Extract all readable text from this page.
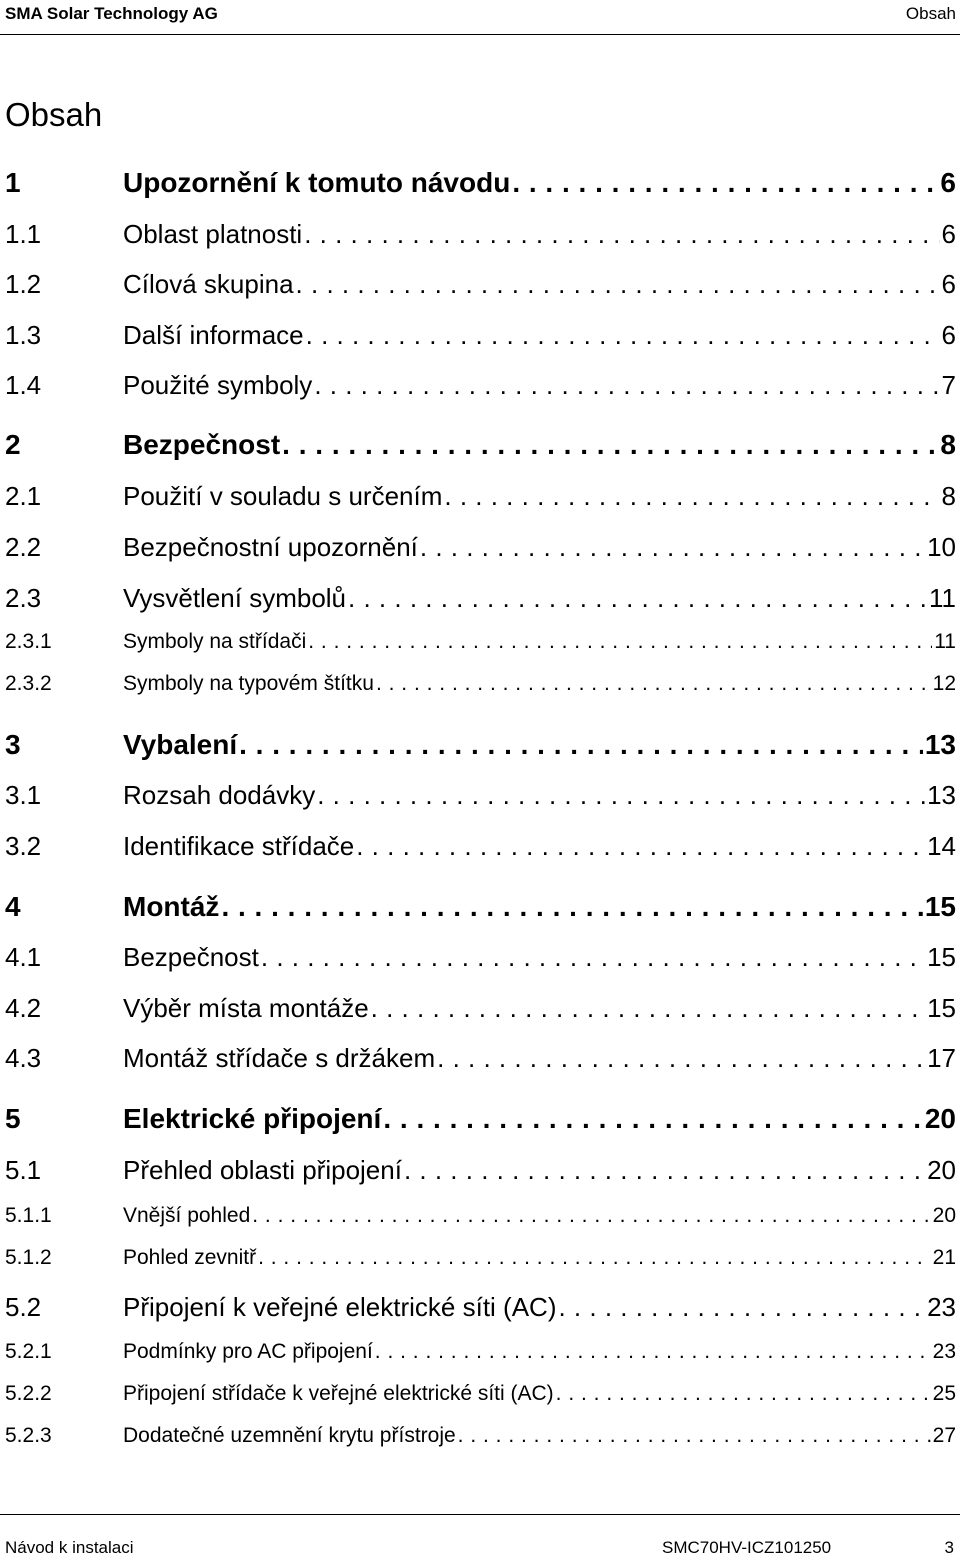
SMA Solar Technology AG	Obsah
Obsah
1	Upozornění k tomuto návodu . . .	6
1.1	Oblast platnosti . . .	6
1.2	Cílová skupina . . .	6
1.3	Další informace . . .	6
1.4	Použité symboly . . .	7
2	Bezpečnost . . .	8
2.1	Použití v souladu s určením . . .	8
2.2	Bezpečnostní upozornění . . .	10
2.3	Vysvětlení symbolů . . .	11
2.3.1	Symboly na střídači . . .	11
2.3.2	Symboly na typovém štítku . . .	12
3	Vybalení . . .	13
3.1	Rozsah dodávky . . .	13
3.2	Identifikace střídače . . .	14
4	Montáž . . .	15
4.1	Bezpečnost . . .	15
4.2	Výběr místa montáže . . .	15
4.3	Montáž střídače s držákem . . .	17
5	Elektrické připojení . . .	20
5.1	Přehled oblasti připojení . . .	20
5.1.1	Vnější pohled . . .	20
5.1.2	Pohled zevnitř . . .	21
5.2	Připojení k veřejné elektrické síti (AC) . . .	23
5.2.1	Podmínky pro AC připojení . . .	23
5.2.2	Připojení střídače k veřejné elektrické síti (AC) . . .	25
5.2.3	Dodatečné uzemnění krytu přístroje . . .	27
Návod k instalaci	SMC70HV-ICZ101250	3
